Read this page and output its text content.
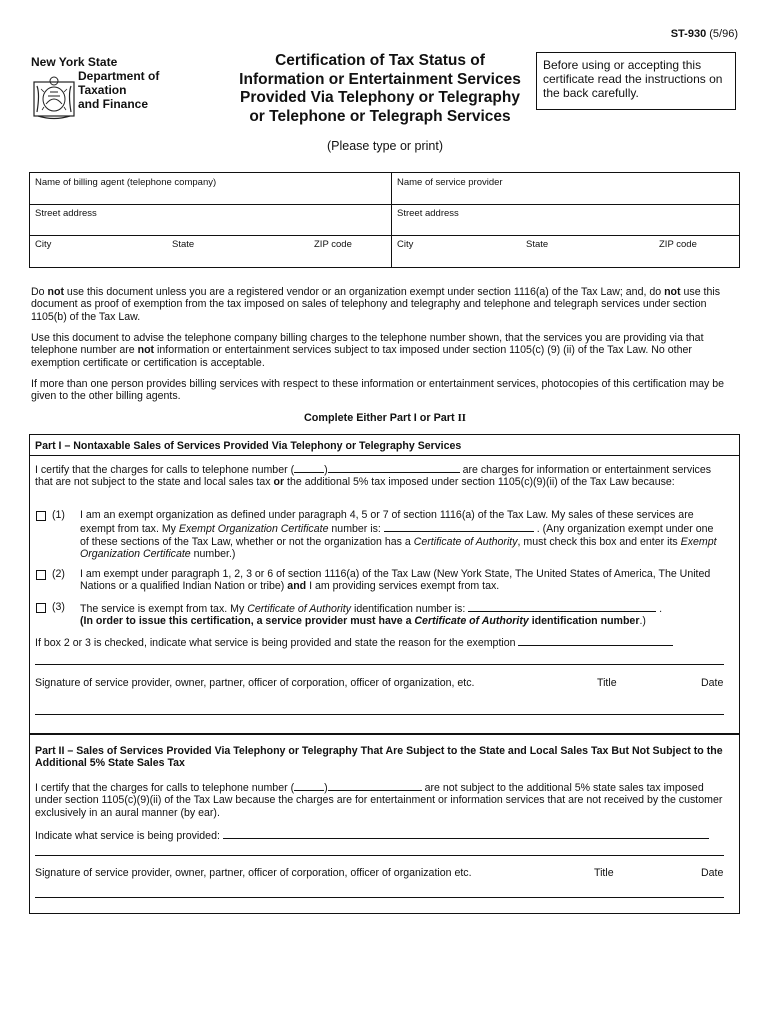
ST-930 (5/96)
New York State
Department of
Taxation
and Finance
Certification of Tax Status of
Information or Entertainment Services
Provided Via Telephony or Telegraphy
or Telephone or Telegraph Services
Before using or accepting this certificate read the instructions on the back carefully.
(Please type or print)
Name of billing agent (telephone company)	Name of service provider
Street address	Street address
City	State	ZIP code	City	State	ZIP code
Do not use this document unless you are a registered vendor or an organization exempt under section 1116(a) of the Tax Law; and, do not use this document as proof of exemption from the tax imposed on sales of telephony and telegraphy and telephone and telegraph services under section 1105(b) of the Tax Law.
Use this document to advise the telephone company billing charges to the telephone number shown, that the services you are providing via that telephone number are not information or entertainment services subject to tax imposed under section 1105(c) (9) (ii) of the Tax Law. No other exemption certificate or certification is acceptable.
If more than one person provides billing services with respect to these information or entertainment services, photocopies of this certification may be given to the other billing agents.
Complete Either Part I or Part II
Part I – Nontaxable Sales of Services Provided Via Telephony or Telegraphy Services
I certify that the charges for calls to telephone number (	)	are charges for information or entertainment services that are not subject to the state and local sales tax or the additional 5% tax imposed under section 1105(c)(9)(ii) of the Tax Law because:
(1) I am an exempt organization as defined under paragraph 4, 5 or 7 of section 1116(a) of the Tax Law. My sales of these services are exempt from tax. My Exempt Organization Certificate number is:	. (Any organization exempt under one of these sections of the Tax Law, whether or not the organization has a Certificate of Authority, must check this box and enter its Exempt Organization Certificate number.)
(2) I am exempt under paragraph 1, 2, 3 or 6 of section 1116(a) of the Tax Law (New York State, The United States of America, The United Nations or a qualified Indian Nation or tribe) and I am providing services exempt from tax.
(3) The service is exempt from tax. My Certificate of Authority identification number is:	.
(In order to issue this certification, a service provider must have a Certificate of Authority identification number.)
If box 2 or 3 is checked, indicate what service is being provided and state the reason for the exemption
Signature of service provider, owner, partner, officer of corporation, officer of organization, etc.	Title	Date
Part II – Sales of Services Provided Via Telephony or Telegraphy That Are Subject to the State and Local Sales Tax But Not Subject to the Additional 5% State Sales Tax
I certify that the charges for calls to telephone number (	)	are not subject to the additional 5% state sales tax imposed under section 1105(c)(9)(ii) of the Tax Law because the charges are for entertainment or information services that are not received by the customer exclusively in an aural manner (by ear).
Indicate what service is being provided:
Signature of service provider, owner, partner, officer of corporation, officer of organization etc.	Title	Date
